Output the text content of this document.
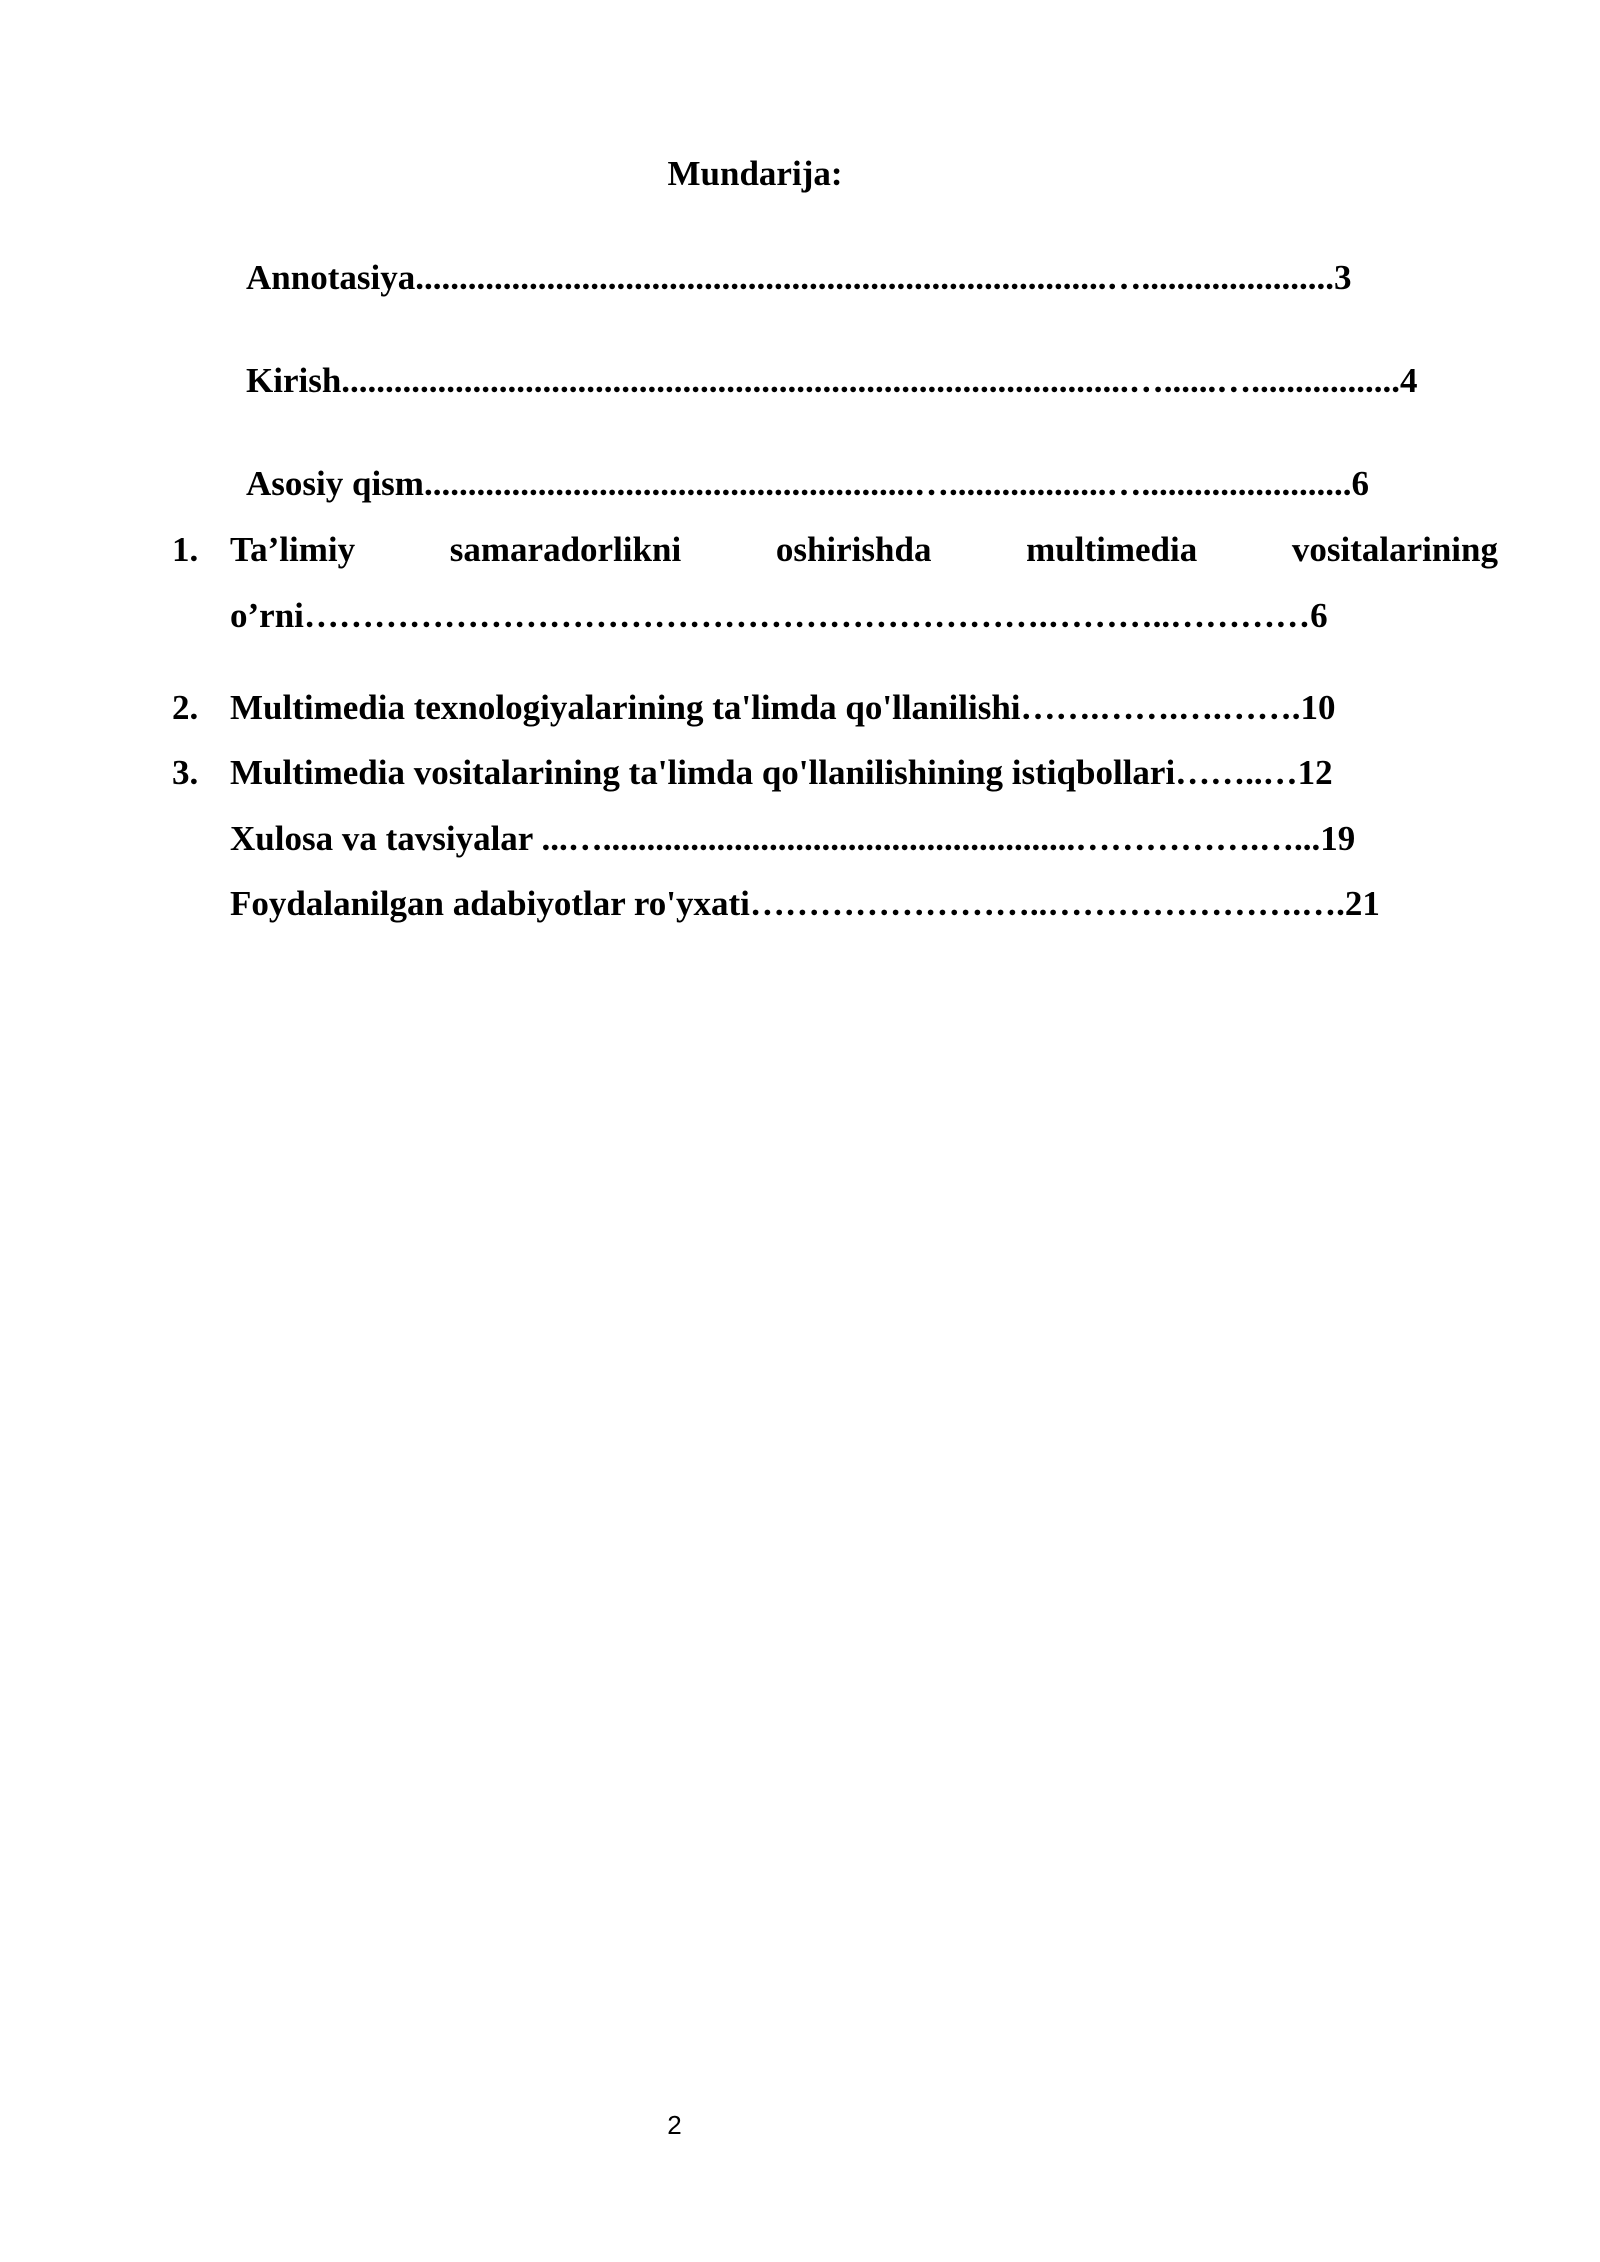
Mundarija:
Annotasiya...............................................................................…......................3
Kirish..........................................................................................…......….................4
Asosiy qism........................................................…..................…........................6
1. Ta’limiy	samaradorlikni	oshirishda	multimedia	vositalarining
o’rni……………………………………………………….………..…………6
2. Multimedia texnologiyalarining ta'limda qo'llanilishi…….…….….…….10
3. Multimedia vositalarining ta'limda qo'llanilishining istiqbollari……..…12
Xulosa va tavsiyalar ...…......................................................…………….…...19
Foydalanilgan adabiyotlar ro'yxati……………………..………………….….21
2
